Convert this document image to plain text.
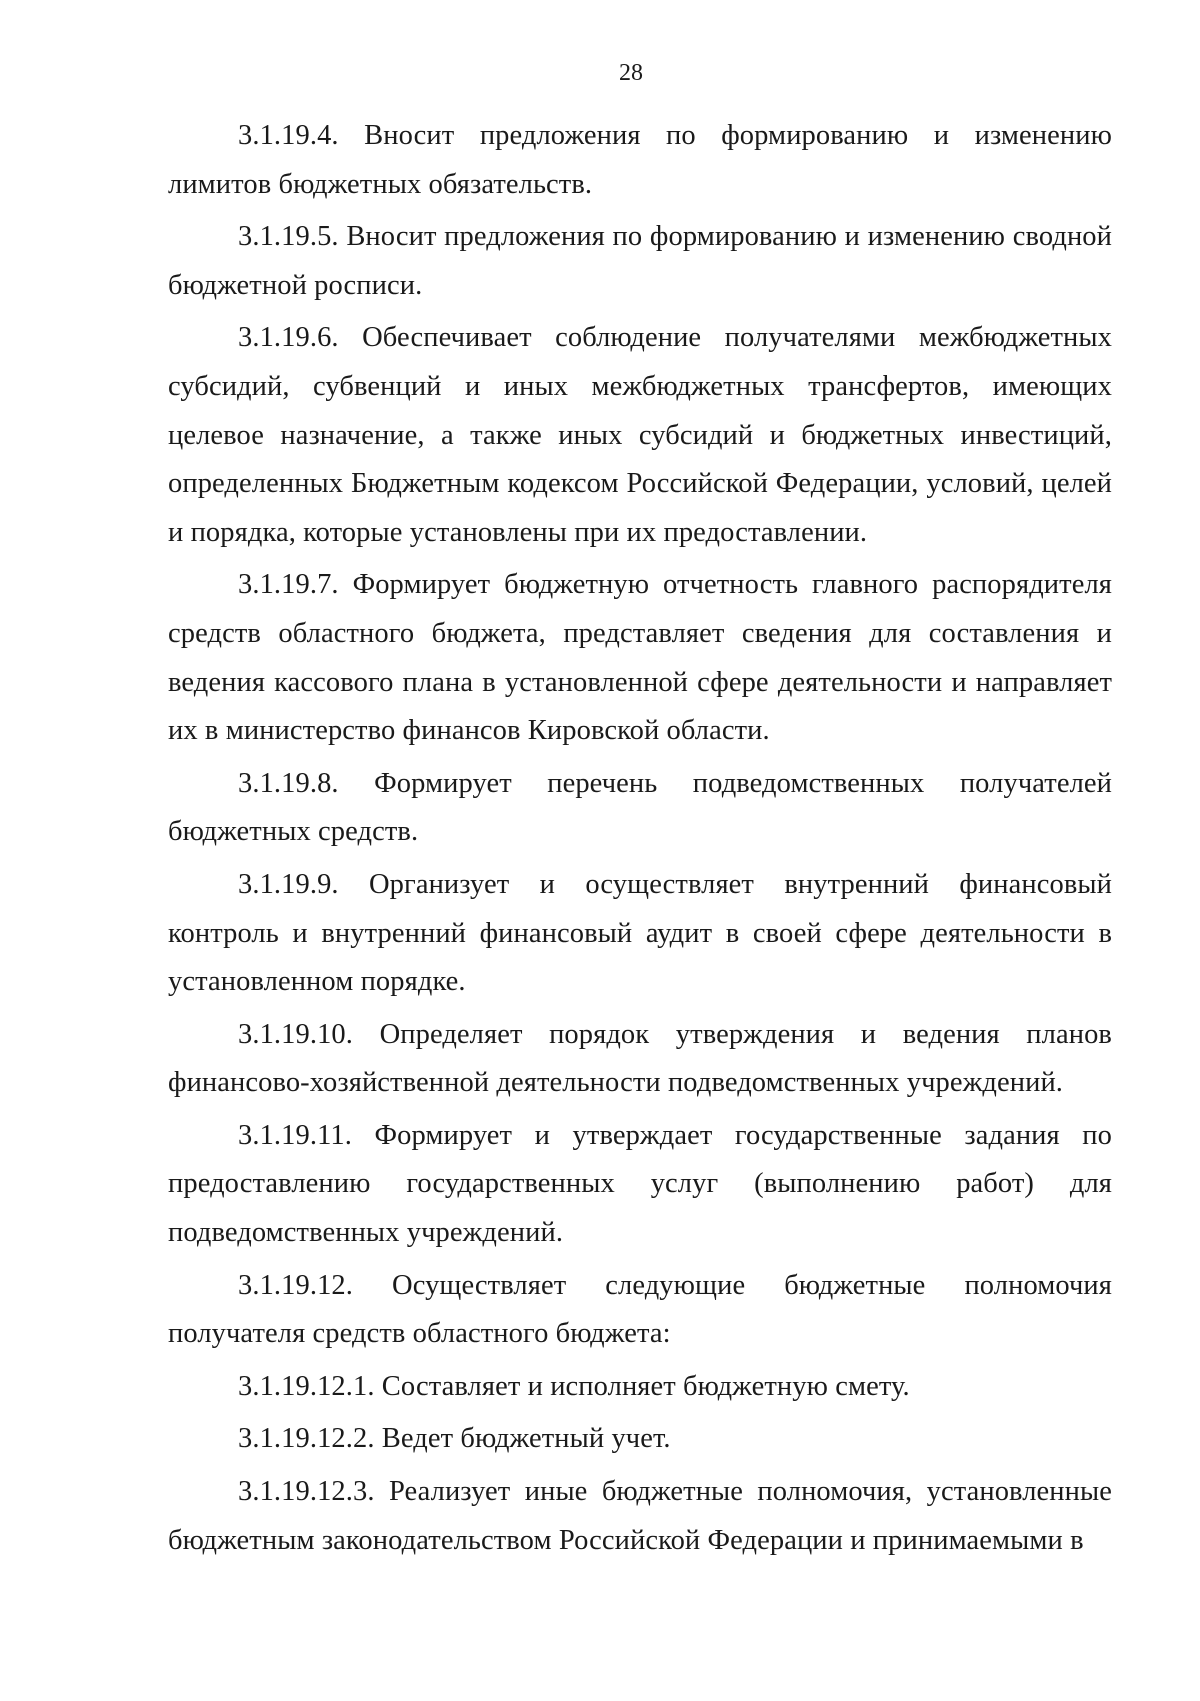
28

3.1.19.4. Вносит предложения по формированию и изменению лимитов бюджетных обязательств.

3.1.19.5. Вносит предложения по формированию и изменению сводной бюджетной росписи.

3.1.19.6. Обеспечивает соблюдение получателями межбюджетных субсидий, субвенций и иных межбюджетных трансфертов, имеющих целевое назначение, а также иных субсидий и бюджетных инвестиций, определенных Бюджетным кодексом Российской Федерации, условий, целей и порядка, которые установлены при их предоставлении.

3.1.19.7. Формирует бюджетную отчетность главного распорядителя средств областного бюджета, представляет сведения для составления и ведения кассового плана в установленной сфере деятельности и направляет их в министерство финансов Кировской области.

3.1.19.8. Формирует перечень подведомственных получателей бюджетных средств.

3.1.19.9. Организует и осуществляет внутренний финансовый контроль и внутренний финансовый аудит в своей сфере деятельности в установленном порядке.

3.1.19.10. Определяет порядок утверждения и ведения планов финансово-хозяйственной деятельности подведомственных учреждений.

3.1.19.11. Формирует и утверждает государственные задания по предоставлению государственных услуг (выполнению работ) для подведомственных учреждений.

3.1.19.12. Осуществляет следующие бюджетные полномочия получателя средств областного бюджета:

3.1.19.12.1. Составляет и исполняет бюджетную смету.

3.1.19.12.2. Ведет бюджетный учет.

3.1.19.12.3. Реализует иные бюджетные полномочия, установленные бюджетным законодательством Российской Федерации и принимаемыми в
